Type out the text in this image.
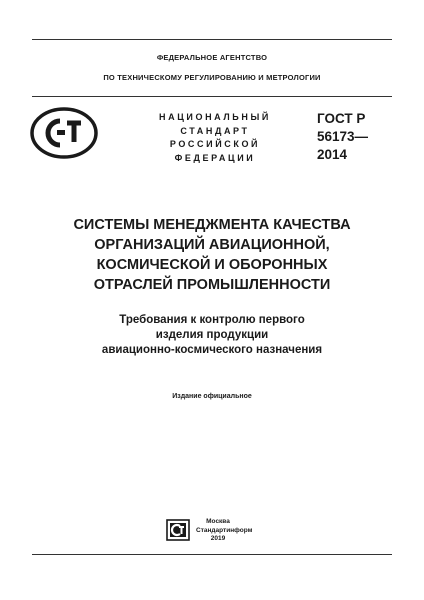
ФЕДЕРАЛЬНОЕ АГЕНТСТВО
ПО ТЕХНИЧЕСКОМУ РЕГУЛИРОВАНИЮ И МЕТРОЛОГИИ
НАЦИОНАЛЬНЫЙ
СТАНДАРТ
РОССИЙСКОЙ
ФЕДЕРАЦИИ
ГОСТ Р
56173—
2014
СИСТЕМЫ МЕНЕДЖМЕНТА КАЧЕСТВА
ОРГАНИЗАЦИЙ АВИАЦИОННОЙ,
КОСМИЧЕСКОЙ И ОБОРОННЫХ
ОТРАСЛЕЙ ПРОМЫШЛЕННОСТИ
Требования к контролю первого
изделия продукции
авиационно-космического назначения
Издание официальное
Москва
Стандартинформ
2019
